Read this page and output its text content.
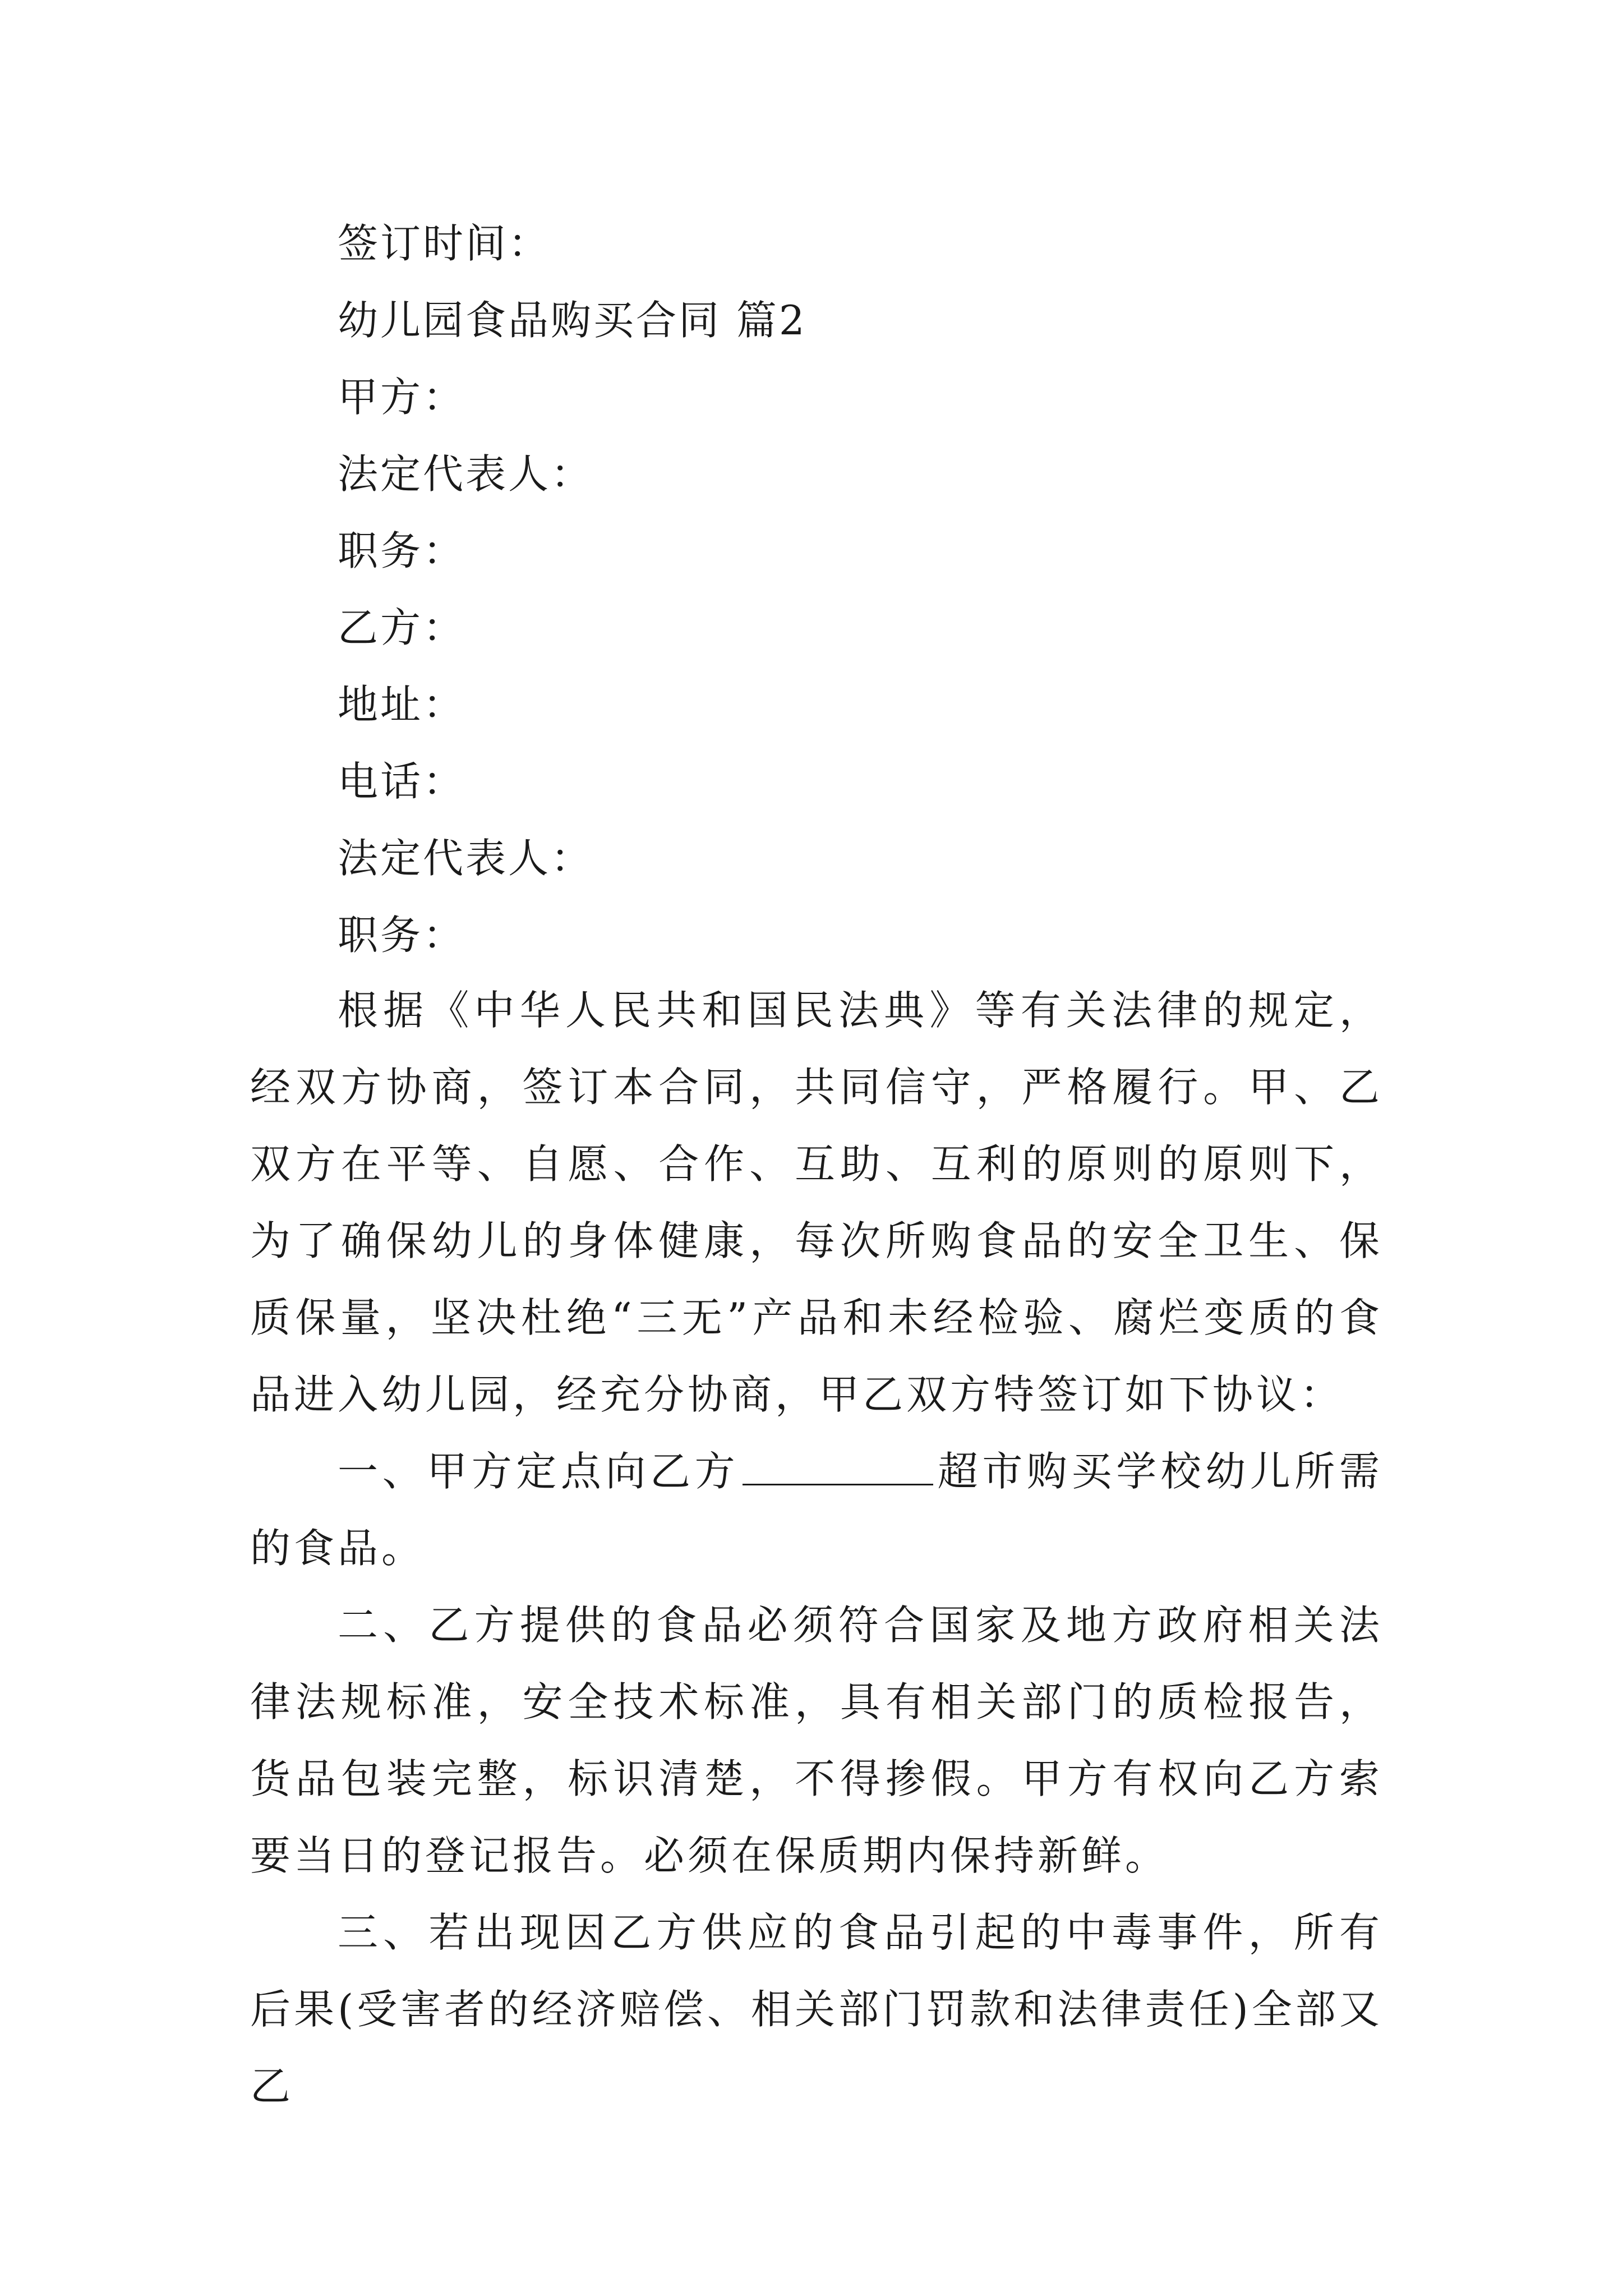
签订时间：
幼儿园食品购买合同 篇2
甲方：
法定代表人：
职务：
乙方：
地址：
电话：
法定代表人：
职务：
根据《中华人民共和国民法典》等有关法律的规定，经双方协商，签订本合同，共同信守，严格履行。甲、乙双方在平等、自愿、合作、互助、互利的原则的原则下，为了确保幼儿的身体健康，每次所购食品的安全卫生、保质保量，坚决杜绝“三无”产品和未经检验、腐烂变质的食品进入幼儿园，经充分协商，甲乙双方特签订如下协议：
一、甲方定点向乙方	超市购买学校幼儿所需的食品。
二、乙方提供的食品必须符合国家及地方政府相关法律法规标准，安全技术标准，具有相关部门的质检报告，货品包装完整，标识清楚，不得掺假。甲方有权向乙方索要当日的登记报告。必须在保质期内保持新鲜。
三、若出现因乙方供应的食品引起的中毒事件，所有后果(受害者的经济赔偿、相关部门罚款和法律责任)全部又乙
